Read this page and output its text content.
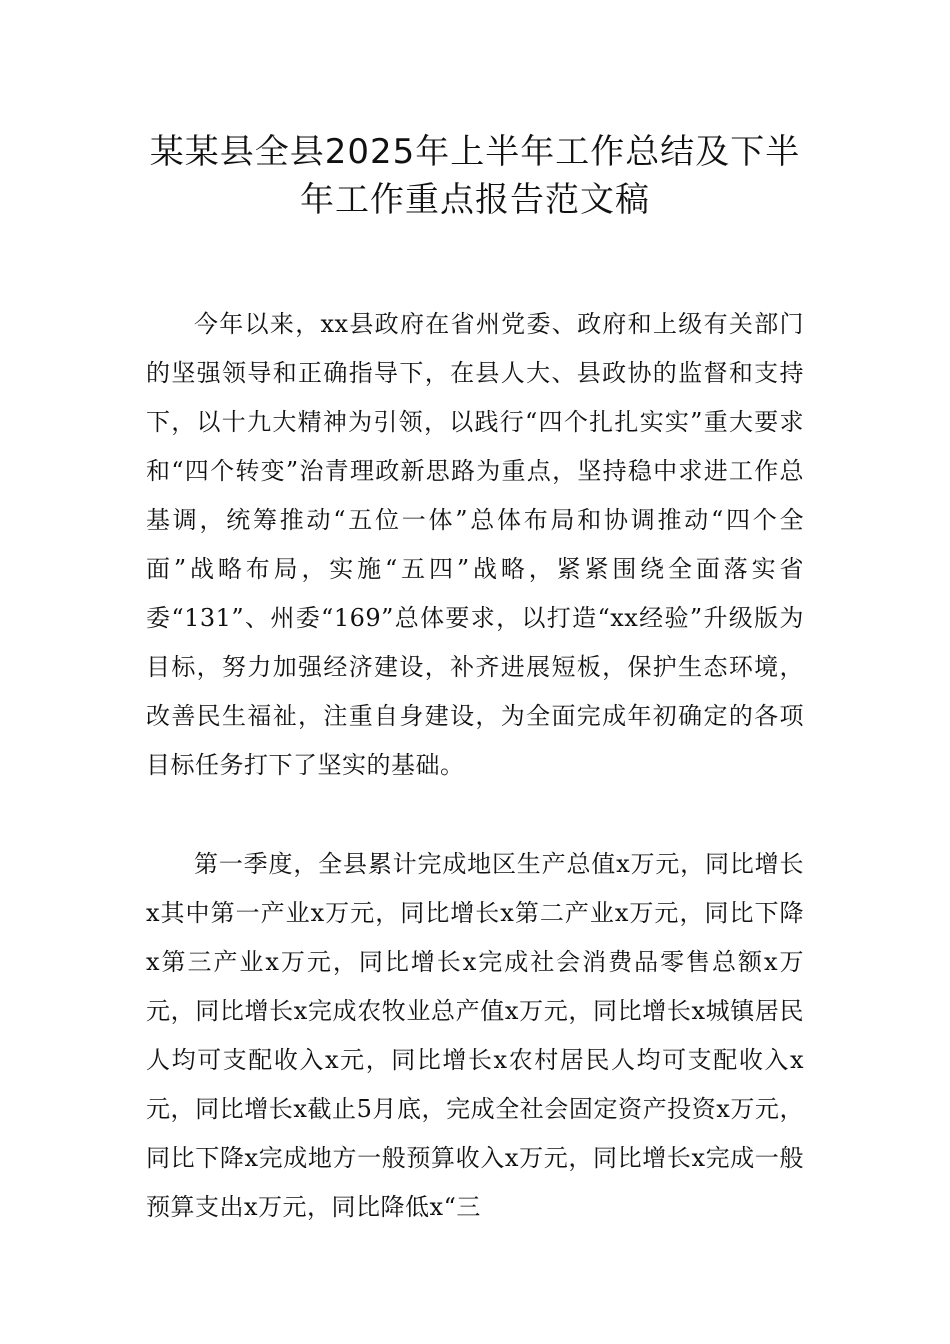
某某县全县2025年上半年工作总结及下半
年工作重点报告范文稿

今年以来，xx县政府在省州党委、政府和上级有关部门的坚强领导和正确指导下，在县人大、县政协的监督和支持下，以十九大精神为引领，以践行“四个扎扎实实”重大要求和“四个转变”治青理政新思路为重点，坚持稳中求进工作总基调，统筹推动“五位一体”总体布局和协调推动“四个全面”战略布局，实施“五四”战略，紧紧围绕全面落实省委“131”、州委“169”总体要求，以打造“xx经验”升级版为目标，努力加强经济建设，补齐进展短板，保护生态环境，改善民生福祉，注重自身建设，为全面完成年初确定的各项目标任务打下了坚实的基础。

第一季度，全县累计完成地区生产总值x万元，同比增长x其中第一产业x万元，同比增长x第二产业x万元，同比下降x第三产业x万元，同比增长x完成社会消费品零售总额x万元，同比增长x完成农牧业总产值x万元，同比增长x城镇居民人均可支配收入x元，同比增长x农村居民人均可支配收入x元，同比增长x截止5月底，完成全社会固定资产投资x万元，同比下降x完成地方一般预算收入x万元，同比增长x完成一般预算支出x万元，同比降低x“三
